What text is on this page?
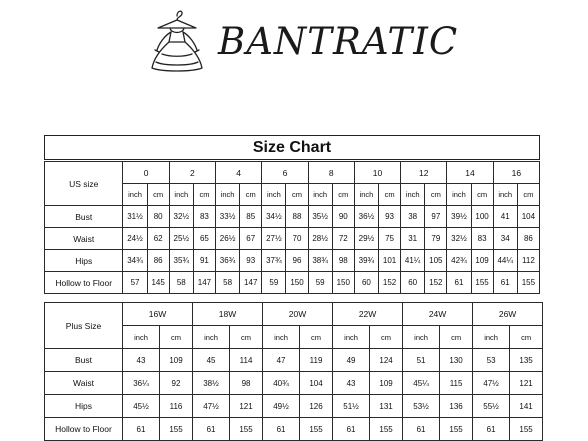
BANTRATIC
Size Chart
US size	0		2		4		6		8		10		12		14		16	
	inch	cm	inch	cm	inch	cm	inch	cm	inch	cm	inch	cm	inch	cm	inch	cm	inch	cm
Bust	31½	80	32½	83	33½	85	34½	88	35½	90	36½	93	38	97	39½	100	41	104
Waist	24½	62	25½	65	26½	67	27½	70	28½	72	29½	75	31	79	32½	83	34	86
Hips	34¾	86	35¾	91	36¾	93	37¾	96	38¾	98	39¾	101	41¼	105	42¾	109	44¼	112
Hollow to Floor	57	145	58	147	58	147	59	150	59	150	60	152	60	152	61	155	61	155
Plus Size	16W		18W		20W		22W		24W		26W	
	inch	cm	inch	cm	inch	cm	inch	cm	inch	cm	inch	cm
Bust	43	109	45	114	47	119	49	124	51	130	53	135
Waist	36¼	92	38½	98	40¾	104	43	109	45¼	115	47½	121
Hips	45½	116	47½	121	49½	126	51½	131	53½	136	55½	141
Hollow to Floor	61	155	61	155	61	155	61	155	61	155	61	155
